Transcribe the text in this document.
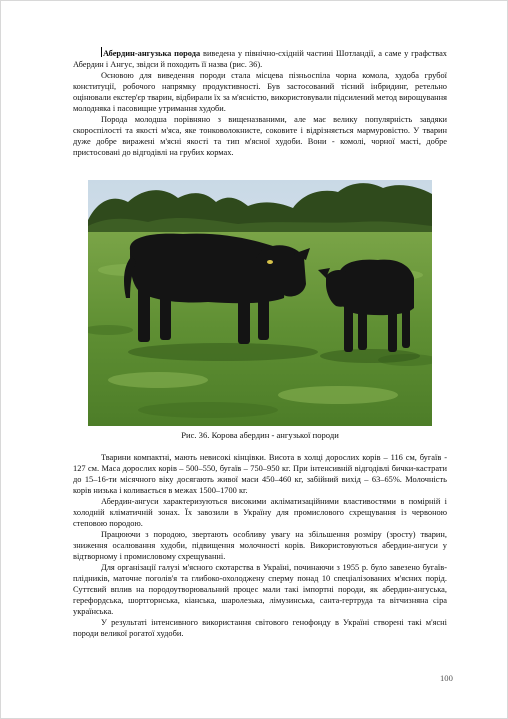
Абердин-ангузька порода виведена у північно-східній частині Шотландії, а саме у графствах Абердин і Ангус, звідси й походить її назва (рис. 36).

Основою для виведення породи стала місцева пізньоспіла чорна комола, худоба грубої конституції, робочого напрямку продуктивності. Був застосований тісний інбридинг, ретельно оцінювали екстер'єр тварин, відбирали їх за м'ясністю, використовували підсилений метод вирощування молодняка і пасовищне утримання худоби.

Порода молодша порівняно з вищеназваними, але має велику популярність завдяки скороспілості та якості м'яса, яке тонковолокнисте, соковите і відрізняється мармуровістю. У тварин дуже добре виражені м'ясні якості та тип м'ясної худоби. Вони - комолі, чорної масті, добре пристосовані до відгодівлі на грубих кормах.

Рис. 36. Корова абердин - ангузької породи

Тварини компактні, мають невисокі кінцівки. Висота в холці дорослих корів – 116 см, бугаїв - 127 см. Маса дорослих корів – 500–550, бугаїв – 750–950 кг. При інтенсивній відгодівлі бички-кастрати до 15–16-ти місячного віку досягають живої маси 450–460 кг, забійний вихід – 63–65%. Молочність корів низька і коливається в межах 1500–1700 кг.

Абердин-ангуси характеризуються високими акліматизаційними властивостями в помірній і холодній кліматичній зонах. Їх завозили в Україну для промислового схрещування із червоною степовою породою.

Працюючи з породою, звертають особливу увагу на збільшення розміру (зросту) тварин, зниження осалювання худоби, підвищення молочності корів. Використовуються абердин-ангуси у відтворному і промисловому схрещуванні.

Для організації галузі м'ясного скотарства в Україні, починаючи з 1955 р. було завезено бугаїв-плідників, маточне поголів'я та глибоко-охолоджену сперму понад 10 спеціалізованих м'ясних порід. Суттєвий вплив на породоутворювальний процес мали такі імпортні породи, як абердин-ангуська, герефордська, шортгорнська, кіанська, шаролезька, лімузинська, санта-гертруда та вітчизняна сіра українська.

У результаті інтенсивного використання світового генофонду в Україні створені такі м'ясні породи великої рогатої худоби.

100
